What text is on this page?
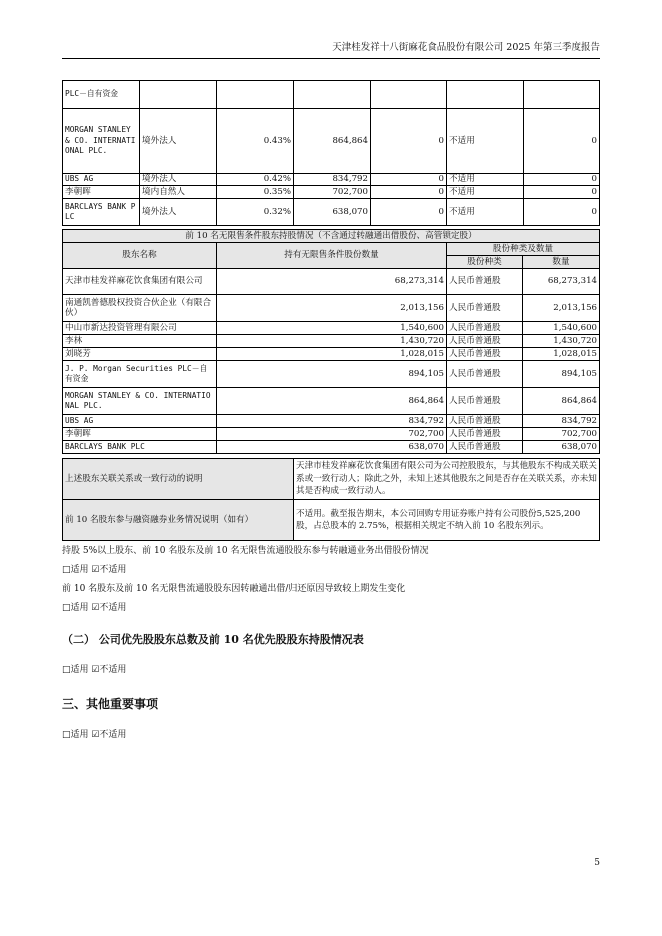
天津桂发祥十八街麻花食品股份有限公司 2025 年第三季度报告
PLC－自有资金						
MORGAN STANLEY & CO. INTERNATIONAL PLC.	境外法人	0.43%	864,864	0	不适用	0
UBS AG	境外法人	0.42%	834,792	0	不适用	0
李朝晖	境内自然人	0.35%	702,700	0	不适用	0
BARCLAYS BANK PLC	境外法人	0.32%	638,070	0	不适用	0
前 10 名无限售条件股东持股情况（不含通过转融通出借股份、高管锁定股）			
股东名称	持有无限售条件股份数量	股份种类及数量	
		股份种类	数量
天津市桂发祥麻花饮食集团有限公司	68,273,314	人民币普通股	68,273,314
南通凯普德股权投资合伙企业（有限合伙）	2,013,156	人民币普通股	2,013,156
中山市新达投资管理有限公司	1,540,600	人民币普通股	1,540,600
李林	1,430,720	人民币普通股	1,430,720
刘晓芳	1,028,015	人民币普通股	1,028,015
J. P. Morgan Securities PLC－自有资金	894,105	人民币普通股	894,105
MORGAN STANLEY & CO. INTERNATIONAL PLC.	864,864	人民币普通股	864,864
UBS AG	834,792	人民币普通股	834,792
李朝晖	702,700	人民币普通股	702,700
BARCLAYS BANK PLC	638,070	人民币普通股	638,070
上述股东关联关系或一致行动的说明	天津市桂发祥麻花饮食集团有限公司为公司控股股东，与其他股东不构成关联关系或一致行动人；除此之外，未知上述其他股东之间是否存在关联关系，亦未知其是否构成一致行动人。
前 10 名股东参与融资融券业务情况说明（如有）	不适用。截至报告期末，本公司回购专用证券账户持有公司股份5,525,200 股，占总股本的 2.75%，根据相关规定不纳入前 10 名股东列示。
持股 5%以上股东、前 10 名股东及前 10 名无限售流通股股东参与转融通业务出借股份情况
□适用 ☑不适用
前 10 名股东及前 10 名无限售流通股股东因转融通出借/归还原因导致较上期发生变化
□适用 ☑不适用
（二） 公司优先股股东总数及前 10 名优先股股东持股情况表
□适用 ☑不适用
三、其他重要事项
□适用 ☑不适用
5
